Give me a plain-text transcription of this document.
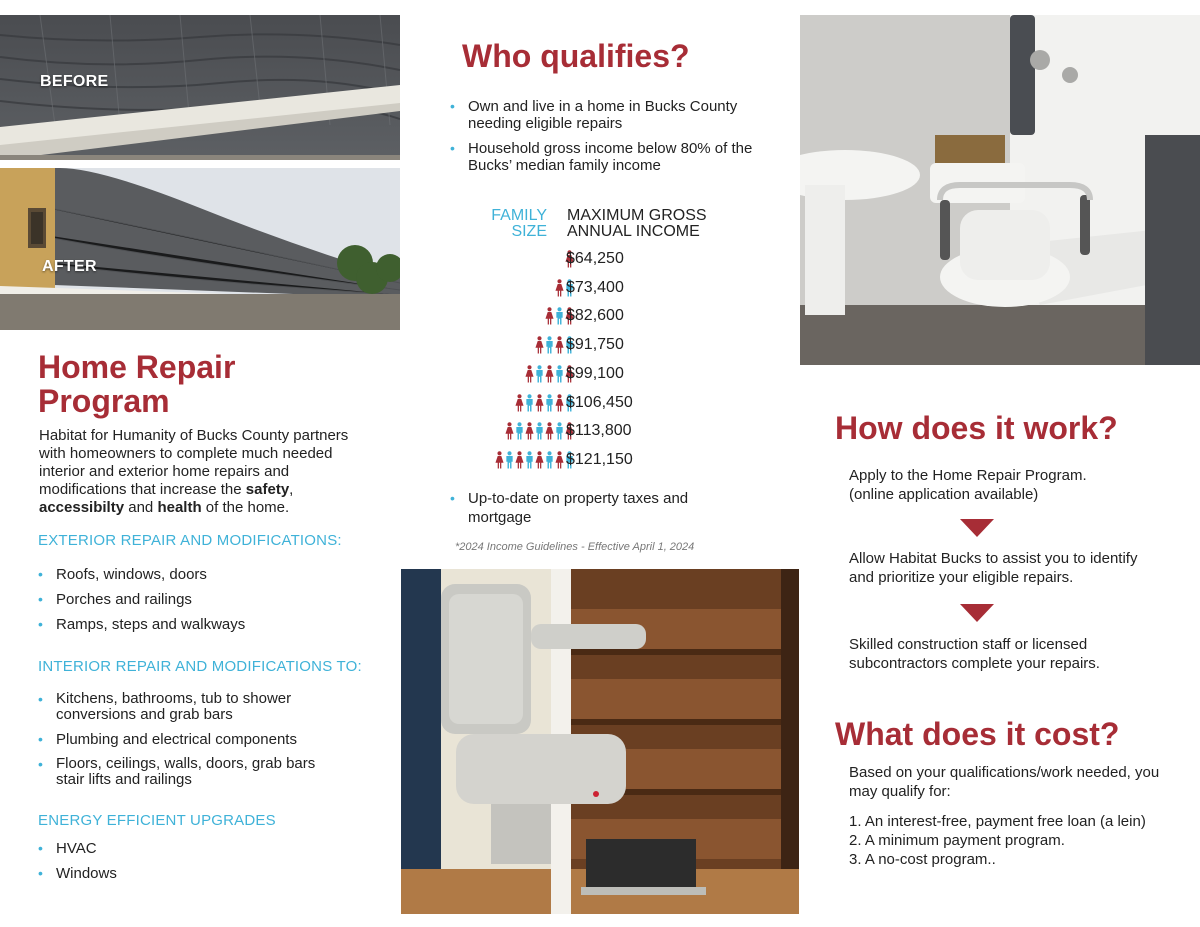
BEFORE
AFTER
Home Repair
Program
Habitat for Humanity of Bucks County partners with homeowners to complete much needed interior and exterior home repairs and modifications that increase the safety, accessibilty and health of the home.
EXTERIOR REPAIR AND MODIFICATIONS:
• Roofs, windows, doors
• Porches and railings
• Ramps, steps and walkways
INTERIOR REPAIR AND MODIFICATIONS TO:
• Kitchens, bathrooms, tub to shower conversions and grab bars
• Plumbing and electrical components
• Floors, ceilings, walls, doors, grab bars stair lifts and railings
ENERGY EFFICIENT UPGRADES
• HVAC
• Windows
Who qualifies?
• Own and live in a home in Bucks County needing eligible repairs
• Household gross income below 80% of the Bucks’ median family income
FAMILY
SIZE
MAXIMUM GROSS
ANNUAL INCOME
$64,250
$73,400
$82,600
$91,750
$99,100
$106,450
$113,800
$121,150
• Up-to-date on property taxes and mortgage
*2024 Income Guidelines - Effective April 1, 2024
How does it work?
Apply to the Home Repair Program. (online application available)
Allow Habitat Bucks to assist you to identify and prioritize your eligible repairs.
Skilled construction staff or licensed subcontractors complete your repairs.
What does it cost?
Based on your qualifications/work needed, you may qualify for:
1. An interest-free, payment free loan (a lein)
2. A minimum payment program.
3. A no-cost program..
